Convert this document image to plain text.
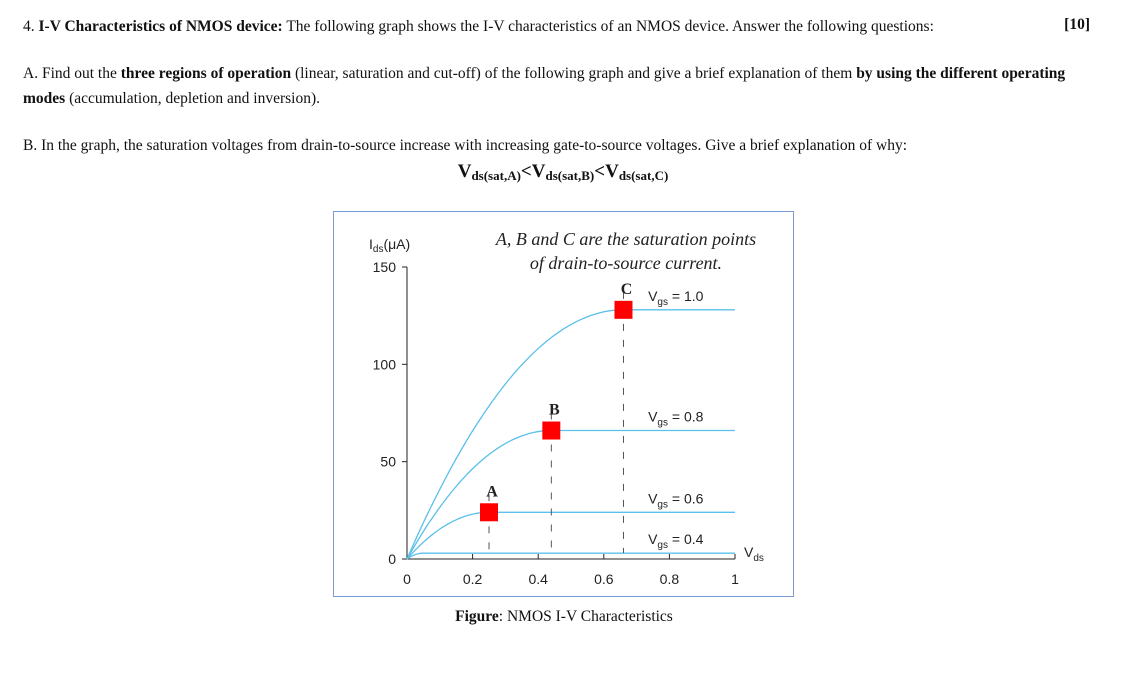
4. I-V Characteristics of NMOS device: The following graph shows the I-V characteristics of an NMOS device. Answer the following questions:	[10]
A. Find out the three regions of operation (linear, saturation and cut-off) of the following graph and give a brief explanation of them by using the different operating
modes (accumulation, depletion and inversion).
B. In the graph, the saturation voltages from drain-to-source increase with increasing gate-to-source voltages. Give a brief explanation of why:
$V_{ds(sat,A)}<V_{ds(sat,B)}<V_{ds(sat,C)}$
0	0.2	0.4	0.6	0.8	1
0
50
100
150
$I_{ds}(\mu A)$
$V_{ds}$
A, B and C are the saturation points
of drain-to-source current.
$V_{gs} = 0.4$
$V_{gs} = 0.6$
$V_{gs} = 0.8$
$V_{gs} = 1.0$
A
B
C
Figure: NMOS I-V Characteristics
